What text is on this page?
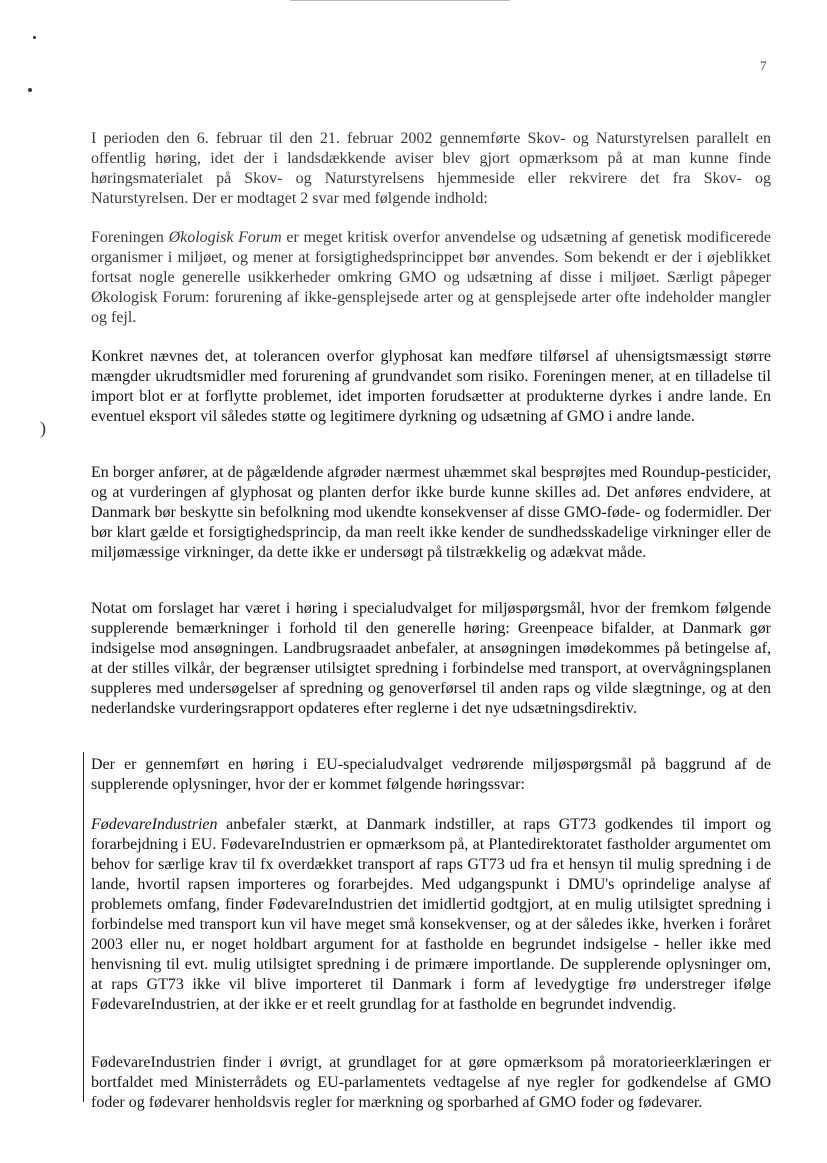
)
7

I perioden den 6. februar til den 21. februar 2002 gennemførte Skov- og Naturstyrelsen parallelt en offentlig høring, idet der i landsdækkende aviser blev gjort opmærksom på at man kunne finde høringsmaterialet på Skov- og Naturstyrelsens hjemmeside eller rekvirere det fra Skov- og Naturstyrelsen. Der er modtaget 2 svar med følgende indhold:

Foreningen Økologisk Forum er meget kritisk overfor anvendelse og udsætning af genetisk modificerede organismer i miljøet, og mener at forsigtighedsprincippet bør anvendes. Som bekendt er der i øjeblikket fortsat nogle generelle usikkerheder omkring GMO og udsætning af disse i miljøet. Særligt påpeger Økologisk Forum: forurening af ikke-gensplejsede arter og at gensplejsede arter ofte indeholder mangler og fejl.

Konkret nævnes det, at tolerancen overfor glyphosat kan medføre tilførsel af uhensigtsmæssigt større mængder ukrudtsmidler med forurening af grundvandet som risiko. Foreningen mener, at en tilladelse til import blot er at forflytte problemet, idet importen forudsætter at produkterne dyrkes i andre lande. En eventuel eksport vil således støtte og legitimere dyrkning og udsætning af GMO i andre lande.

En borger anfører, at de pågældende afgrøder nærmest uhæmmet skal besprøjtes med Roundup-pesticider, og at vurderingen af glyphosat og planten derfor ikke burde kunne skilles ad. Det anføres endvidere, at Danmark bør beskytte sin befolkning mod ukendte konsekvenser af disse GMO-føde- og fodermidler. Der bør klart gælde et forsigtighedsprincip, da man reelt ikke kender de sundhedsskadelige virkninger eller de miljømæssige virkninger, da dette ikke er undersøgt på tilstrækkelig og adækvat måde.

Notat om forslaget har været i høring i specialudvalget for miljøspørgsmål, hvor der fremkom følgende supplerende bemærkninger i forhold til den generelle høring: Greenpeace bifalder, at Danmark gør indsigelse mod ansøgningen. Landbrugsraadet anbefaler, at ansøgningen imødekommes på betingelse af, at der stilles vilkår, der begrænser utilsigtet spredning i forbindelse med transport, at overvågningsplanen suppleres med undersøgelser af spredning og genoverførsel til anden raps og vilde slægtninge, og at den nederlandske vurderingsrapport opdateres efter reglerne i det nye udsætningsdirektiv.

Der er gennemført en høring i EU-specialudvalget vedrørende miljøspørgsmål på baggrund af de supplerende oplysninger, hvor der er kommet følgende høringssvar:

FødevareIndustrien anbefaler stærkt, at Danmark indstiller, at raps GT73 godkendes til import og forarbejdning i EU. FødevareIndustrien er opmærksom på, at Plantedirektoratet fastholder argumentet om behov for særlige krav til fx overdækket transport af raps GT73 ud fra et hensyn til mulig spredning i de lande, hvortil rapsen importeres og forarbejdes. Med udgangspunkt i DMU's oprindelige analyse af problemets omfang, finder FødevareIndustrien det imidlertid godtgjort, at en mulig utilsigtet spredning i forbindelse med transport kun vil have meget små konsekvenser, og at der således ikke, hverken i foråret 2003 eller nu, er noget holdbart argument for at fastholde en begrundet indsigelse - heller ikke med henvisning til evt. mulig utilsigtet spredning i de primære importlande. De supplerende oplysninger om, at raps GT73 ikke vil blive importeret til Danmark i form af levedygtige frø understreger ifølge FødevareIndustrien, at der ikke er et reelt grundlag for at fastholde en begrundet indvendig.

FødevareIndustrien finder i øvrigt, at grundlaget for at gøre opmærksom på moratorieerklæringen er bortfaldet med Ministerrådets og EU-parlamentets vedtagelse af nye regler for godkendelse af GMO foder og fødevarer henholdsvis regler for mærkning og sporbarhed af GMO foder og fødevarer.
